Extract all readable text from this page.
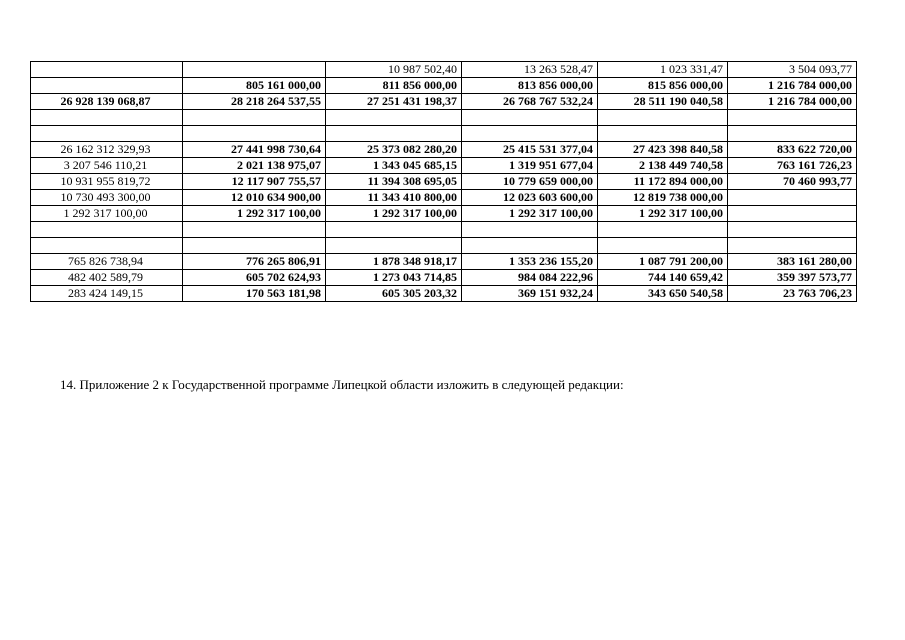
		10 987 502,40	13 263 528,47	1 023 331,47	3 504 093,77
	805 161 000,00	811 856 000,00	813 856 000,00	815 856 000,00	1 216 784 000,00
26 928 139 068,87	28 218 264 537,55	27 251 431 198,37	26 768 767 532,24	28 511 190 040,58	1 216 784 000,00

26 162 312 329,93	27 441 998 730,64	25 373 082 280,20	25 415 531 377,04	27 423 398 840,58	833 622 720,00
3 207 546 110,21	2 021 138 975,07	1 343 045 685,15	1 319 951 677,04	2 138 449 740,58	763 161 726,23
10 931 955 819,72	12 117 907 755,57	11 394 308 695,05	10 779 659 000,00	11 172 894 000,00	70 460 993,77
10 730 493 300,00	12 010 634 900,00	11 343 410 800,00	12 023 603 600,00	12 819 738 000,00	
1 292 317 100,00	1 292 317 100,00	1 292 317 100,00	1 292 317 100,00	1 292 317 100,00	

765 826 738,94	776 265 806,91	1 878 348 918,17	1 353 236 155,20	1 087 791 200,00	383 161 280,00
482 402 589,79	605 702 624,93	1 273 043 714,85	984 084 222,96	744 140 659,42	359 397 573,77
283 424 149,15	170 563 181,98	605 305 203,32	369 151 932,24	343 650 540,58	23 763 706,23
14. Приложение 2 к Государственной программе Липецкой области изложить в следующей редакции:
